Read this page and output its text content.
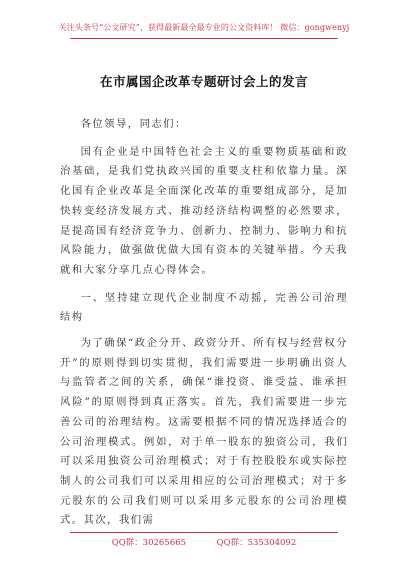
关注头条号“公文研究”，获得最新最全最专业的公文资料库！ 微信：gongwenyj
在市属国企改革专题研讨会上的发言

各位领导，同志们：

国有企业是中国特色社会主义的重要物质基础和政治基础，是我们党执政兴国的重要支柱和依靠力量。深化国有企业改革是全面深化改革的重要组成部分，是加快转变经济发展方式、推动经济结构调整的必然要求，是提高国有经济竞争力、创新力、控制力、影响力和抗风险能力，做强做优做大国有资本的关键举措。今天我就和大家分享几点心得体会。

一、坚持建立现代企业制度不动摇，完善公司治理结构

为了确保“政企分开、政资分开、所有权与经营权分开”的原则得到切实贯彻，我们需要进一步明确出资人与监管者之间的关系，确保“谁投资、谁受益、谁承担风险”的原则得到真正落实。首先，我们需要进一步完善公司的治理结构。这需要根据不同的情况选择适合的公司治理模式。例如，对于单一股东的独资公司，我们可以采用独资公司治理模式；对于有控股股东或实际控制人的公司我们可以采用相应的公司治理模式；对于多元股东的公司我们则可以采用多元股东的公司治理模式。其次，我们需

QQ群：30265665	QQ群：535304092
